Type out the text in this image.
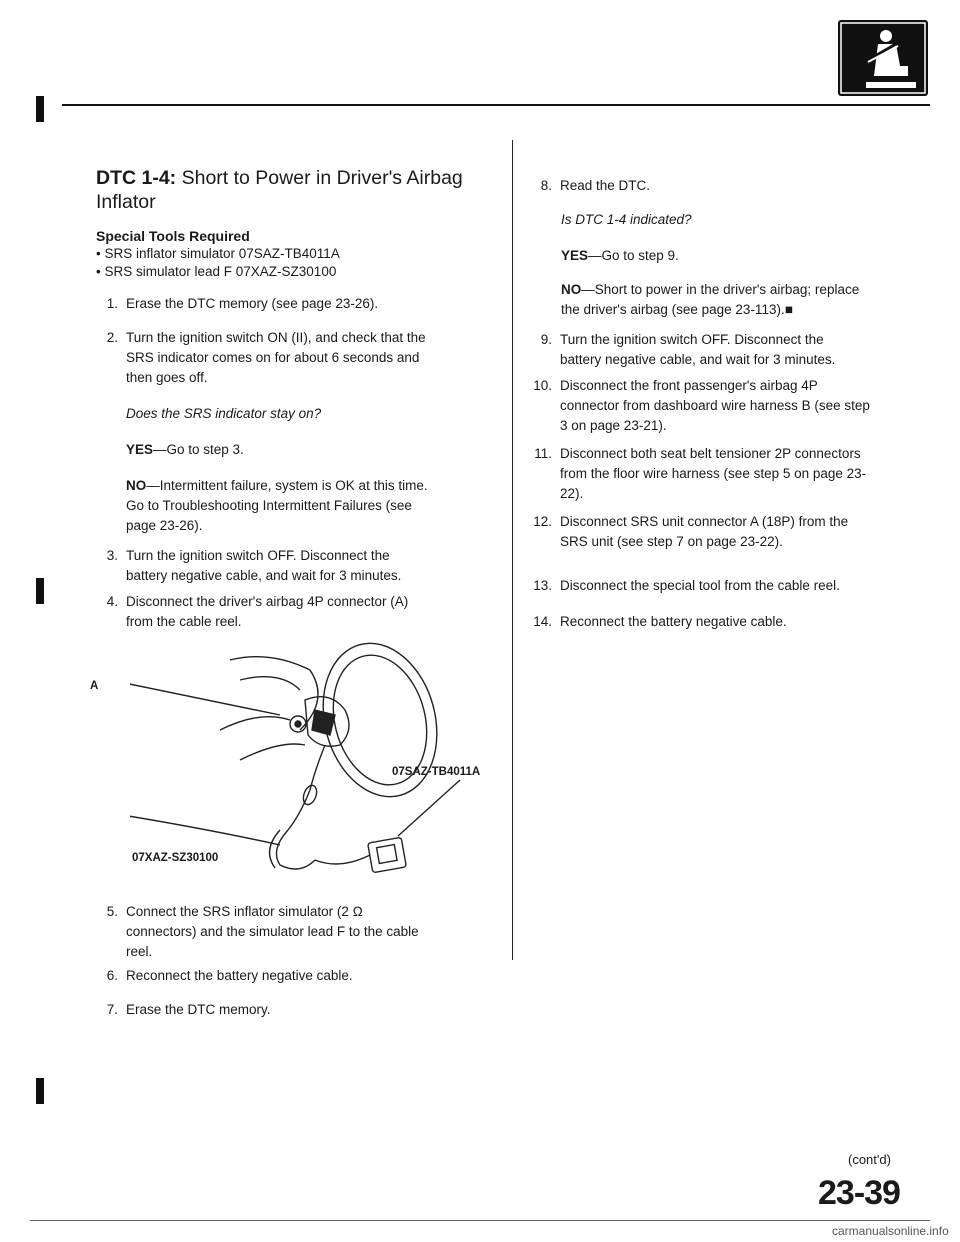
DTC 1-4: Short to Power in Driver's Airbag Inflator
Special Tools Required
• SRS inflator simulator 07SAZ-TB4011A
• SRS simulator lead F 07XAZ-SZ30100
1. Erase the DTC memory (see page 23-26).
2. Turn the ignition switch ON (II), and check that the
SRS indicator comes on for about 6 seconds and
then goes off.
Does the SRS indicator stay on?
YES—Go to step 3.
NO—Intermittent failure, system is OK at this time.
Go to Troubleshooting Intermittent Failures (see
page 23-26).
3. Turn the ignition switch OFF. Disconnect the
battery negative cable, and wait for 3 minutes.
4. Disconnect the driver's airbag 4P connector (A)
from the cable reel.
A
07SAZ-TB4011A
07XAZ-SZ30100
5. Connect the SRS inflator simulator (2 Ω
connectors) and the simulator lead F to the cable
reel.
6. Reconnect the battery negative cable.
7. Erase the DTC memory.
8. Read the DTC.
Is DTC 1-4 indicated?
YES—Go to step 9.
NO—Short to power in the driver's airbag; replace
the driver's airbag (see page 23-113).■
9. Turn the ignition switch OFF. Disconnect the
battery negative cable, and wait for 3 minutes.
10. Disconnect the front passenger's airbag 4P
connector from dashboard wire harness B (see step
3 on page 23-21).
11. Disconnect both seat belt tensioner 2P connectors
from the floor wire harness (see step 5 on page 23-
22).
12. Disconnect SRS unit connector A (18P) from the
SRS unit (see step 7 on page 23-22).
13. Disconnect the special tool from the cable reel.
14. Reconnect the battery negative cable.
(cont'd)
23-39
carmanualsonline.info
